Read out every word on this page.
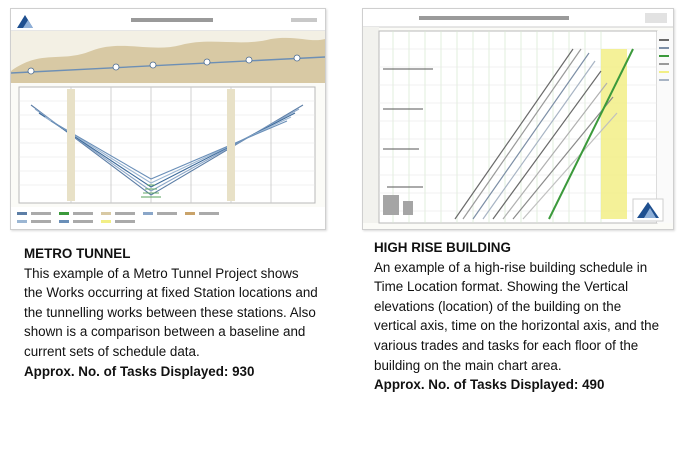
METRO TUNNEL
This example of a Metro Tunnel Project shows the Works occurring at fixed Station locations and the tunnelling works between these stations. Also shown is a comparison between a baseline and current sets of schedule data.
Approx. No. of Tasks Displayed: 930
HIGH RISE BUILDING
An example of a high-rise building schedule in Time Location format. Showing the Vertical elevations (location) of the building on the vertical axis, time on the horizontal axis, and the various trades and tasks for each floor of the building on the main chart area.
Approx. No. of Tasks Displayed: 490
